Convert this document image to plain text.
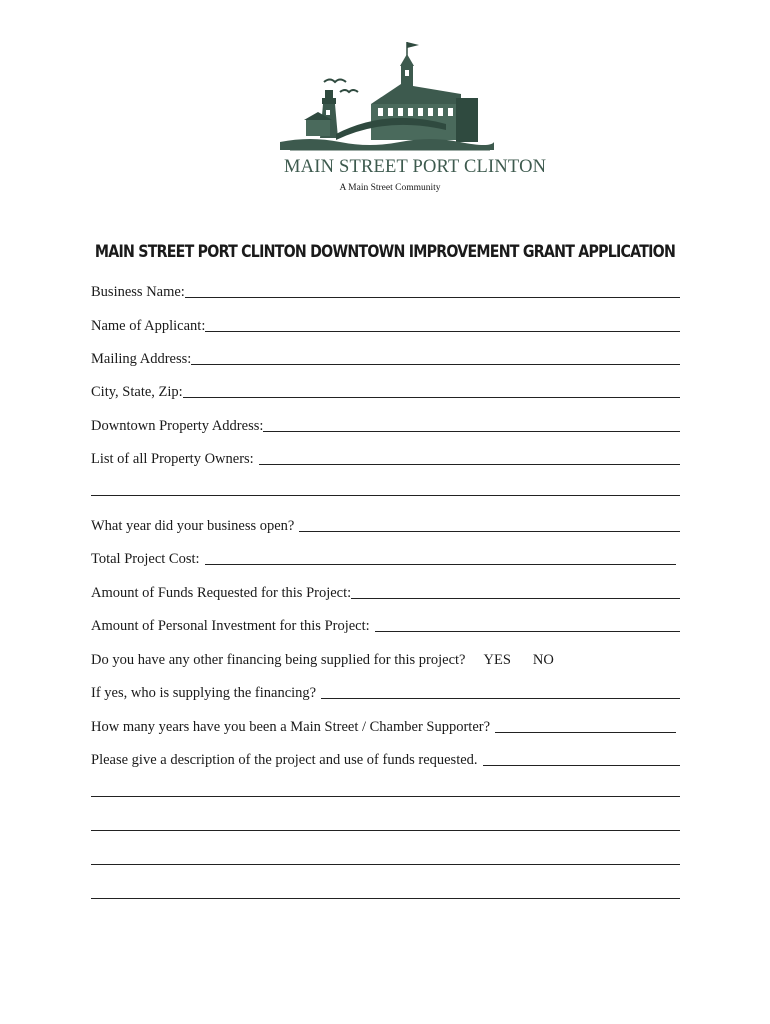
MAIN STREET PORT CLINTON
A Main Street Community
MAIN STREET PORT CLINTON DOWNTOWN IMPROVEMENT GRANT APPLICATION
Business Name:
Name of Applicant:
Mailing Address:
City, State, Zip:
Downtown Property Address:
List of all Property Owners:
What year did your business open?
Total Project Cost:
Amount of Funds Requested for this Project:
Amount of Personal Investment for this Project:
Do you have any other financing being supplied for this project? YES NO
If yes, who is supplying the financing?
How many years have you been a Main Street / Chamber Supporter?
Please give a description of the project and use of funds requested.
